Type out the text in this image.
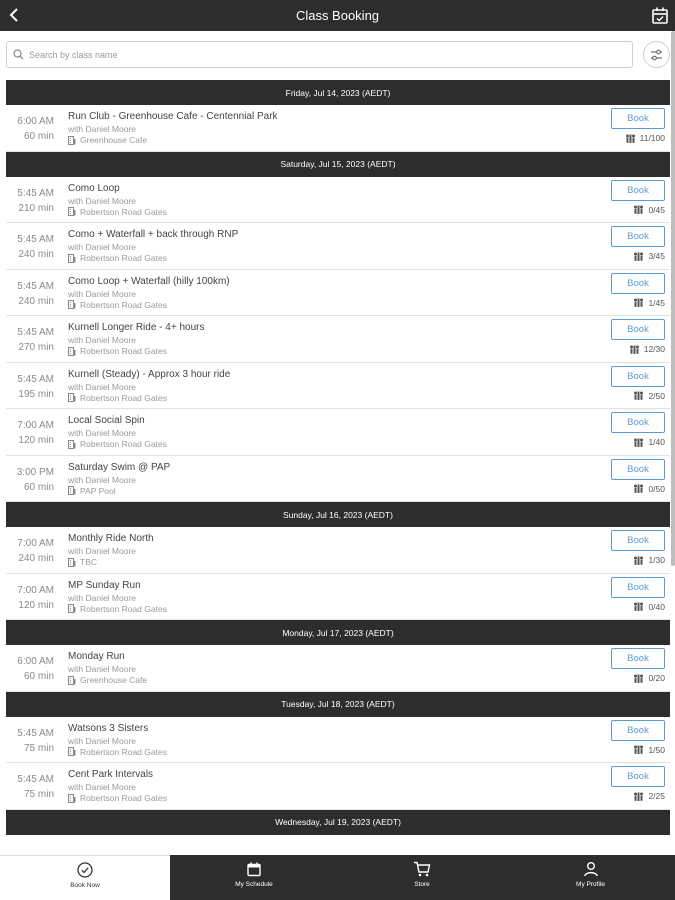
Class Booking
Search by class name
Friday, Jul 14, 2023 (AEDT)
6:00 AM
60 min
Run Club - Greenhouse Cafe - Centennial Park
with Daniel Moore
Greenhouse Cafe
Book
11/100
Saturday, Jul 15, 2023 (AEDT)
5:45 AM
210 min
Como Loop
with Daniel Moore
Robertson Road Gates
Book
0/45
5:45 AM
240 min
Como + Waterfall + back through RNP
with Daniel Moore
Robertson Road Gates
Book
3/45
5:45 AM
240 min
Como Loop + Waterfall (hilly 100km)
with Daniel Moore
Robertson Road Gates
Book
1/45
5:45 AM
270 min
Kurnell Longer Ride - 4+ hours
with Daniel Moore
Robertson Road Gates
Book
12/30
5:45 AM
195 min
Kurnell (Steady) - Approx 3 hour ride
with Daniel Moore
Robertson Road Gates
Book
2/50
7:00 AM
120 min
Local Social Spin
with Daniel Moore
Robertson Road Gates
Book
1/40
3:00 PM
60 min
Saturday Swim @ PAP
with Daniel Moore
PAP Pool
Book
0/50
Sunday, Jul 16, 2023 (AEDT)
7:00 AM
240 min
Monthly Ride North
with Daniel Moore
TBC
Book
1/30
7:00 AM
120 min
MP Sunday Run
with Daniel Moore
Robertson Road Gates
Book
0/40
Monday, Jul 17, 2023 (AEDT)
6:00 AM
60 min
Monday Run
with Daniel Moore
Greenhouse Cafe
Book
0/20
Tuesday, Jul 18, 2023 (AEDT)
5:45 AM
75 min
Watsons 3 Sisters
with Daniel Moore
Robertson Road Gates
Book
1/50
5:45 AM
75 min
Cent Park Intervals
with Daniel Moore
Robertson Road Gates
Book
2/25
Wednesday, Jul 19, 2023 (AEDT)
Book Now	My Schedule	Store	My Profile
